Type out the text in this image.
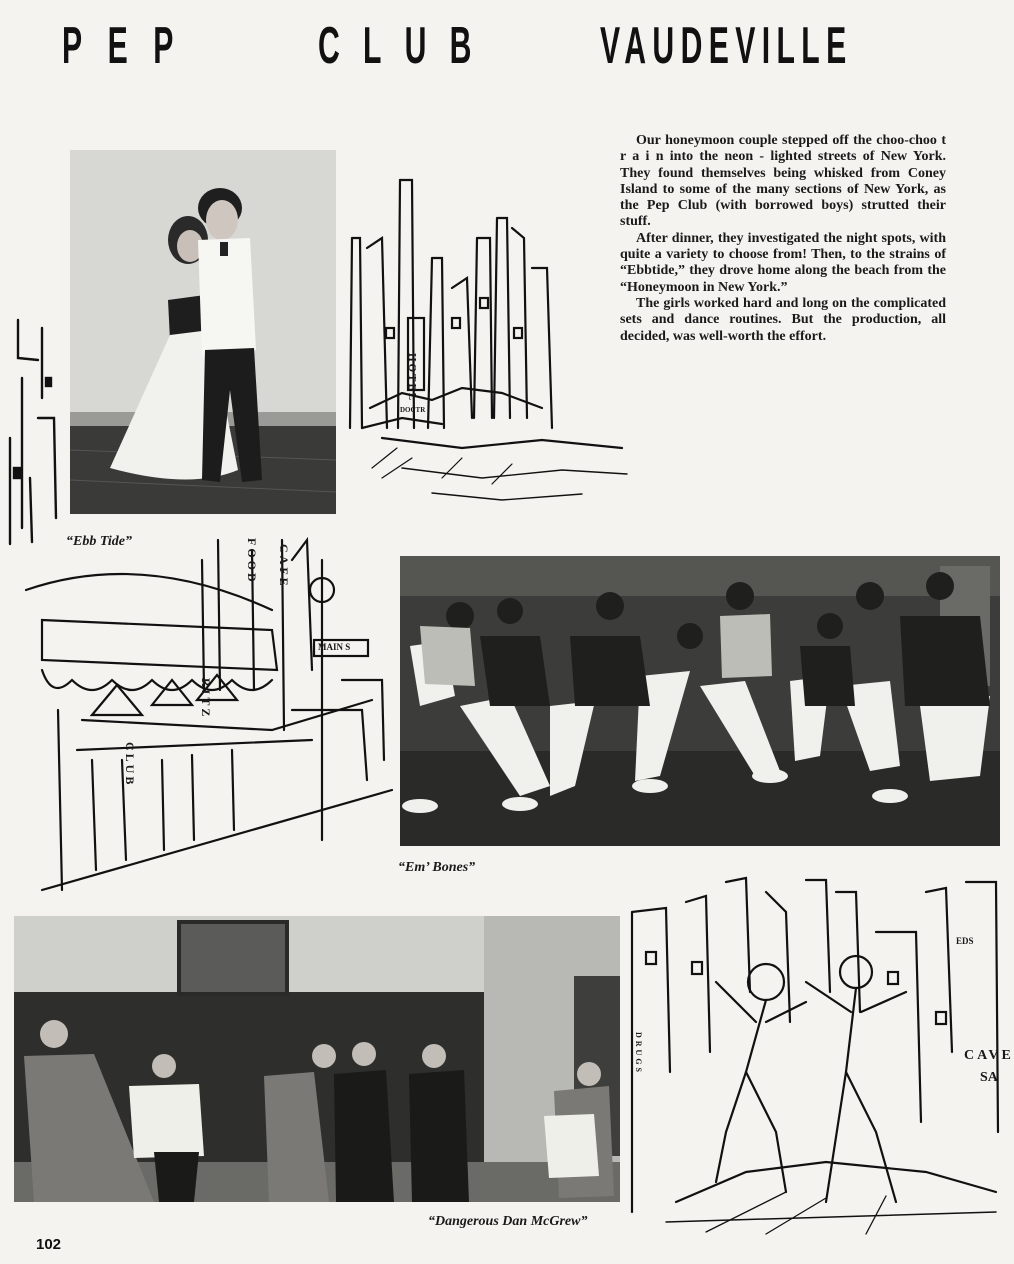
PEP CLUB VAUDEVILLE

Our honeymoon couple stepped off the choo-choo t r a i n into the neon - lighted streets of New York. They found themselves being whisked from Coney Island to some of the many sections of New York, as the Pep Club (with borrowed boys) strutted their stuff.

After dinner, they investigated the night spots, with quite a variety to choose from! Then, to the strains of “Ebbtide,” they drove home along the beach from the “Honeymoon in New York.”

The girls worked hard and long on the complicated sets and dance routines. But the production, all decided, was well-worth the effort.

HOTEL
DOCTR

“Ebb Tide”	FOOD CAFE
MAIN S
CLUB
RITZ

“Em’ Bones”

EDS
CAVE
SA
DRUGS

“Dangerous Dan McGrew”

102
